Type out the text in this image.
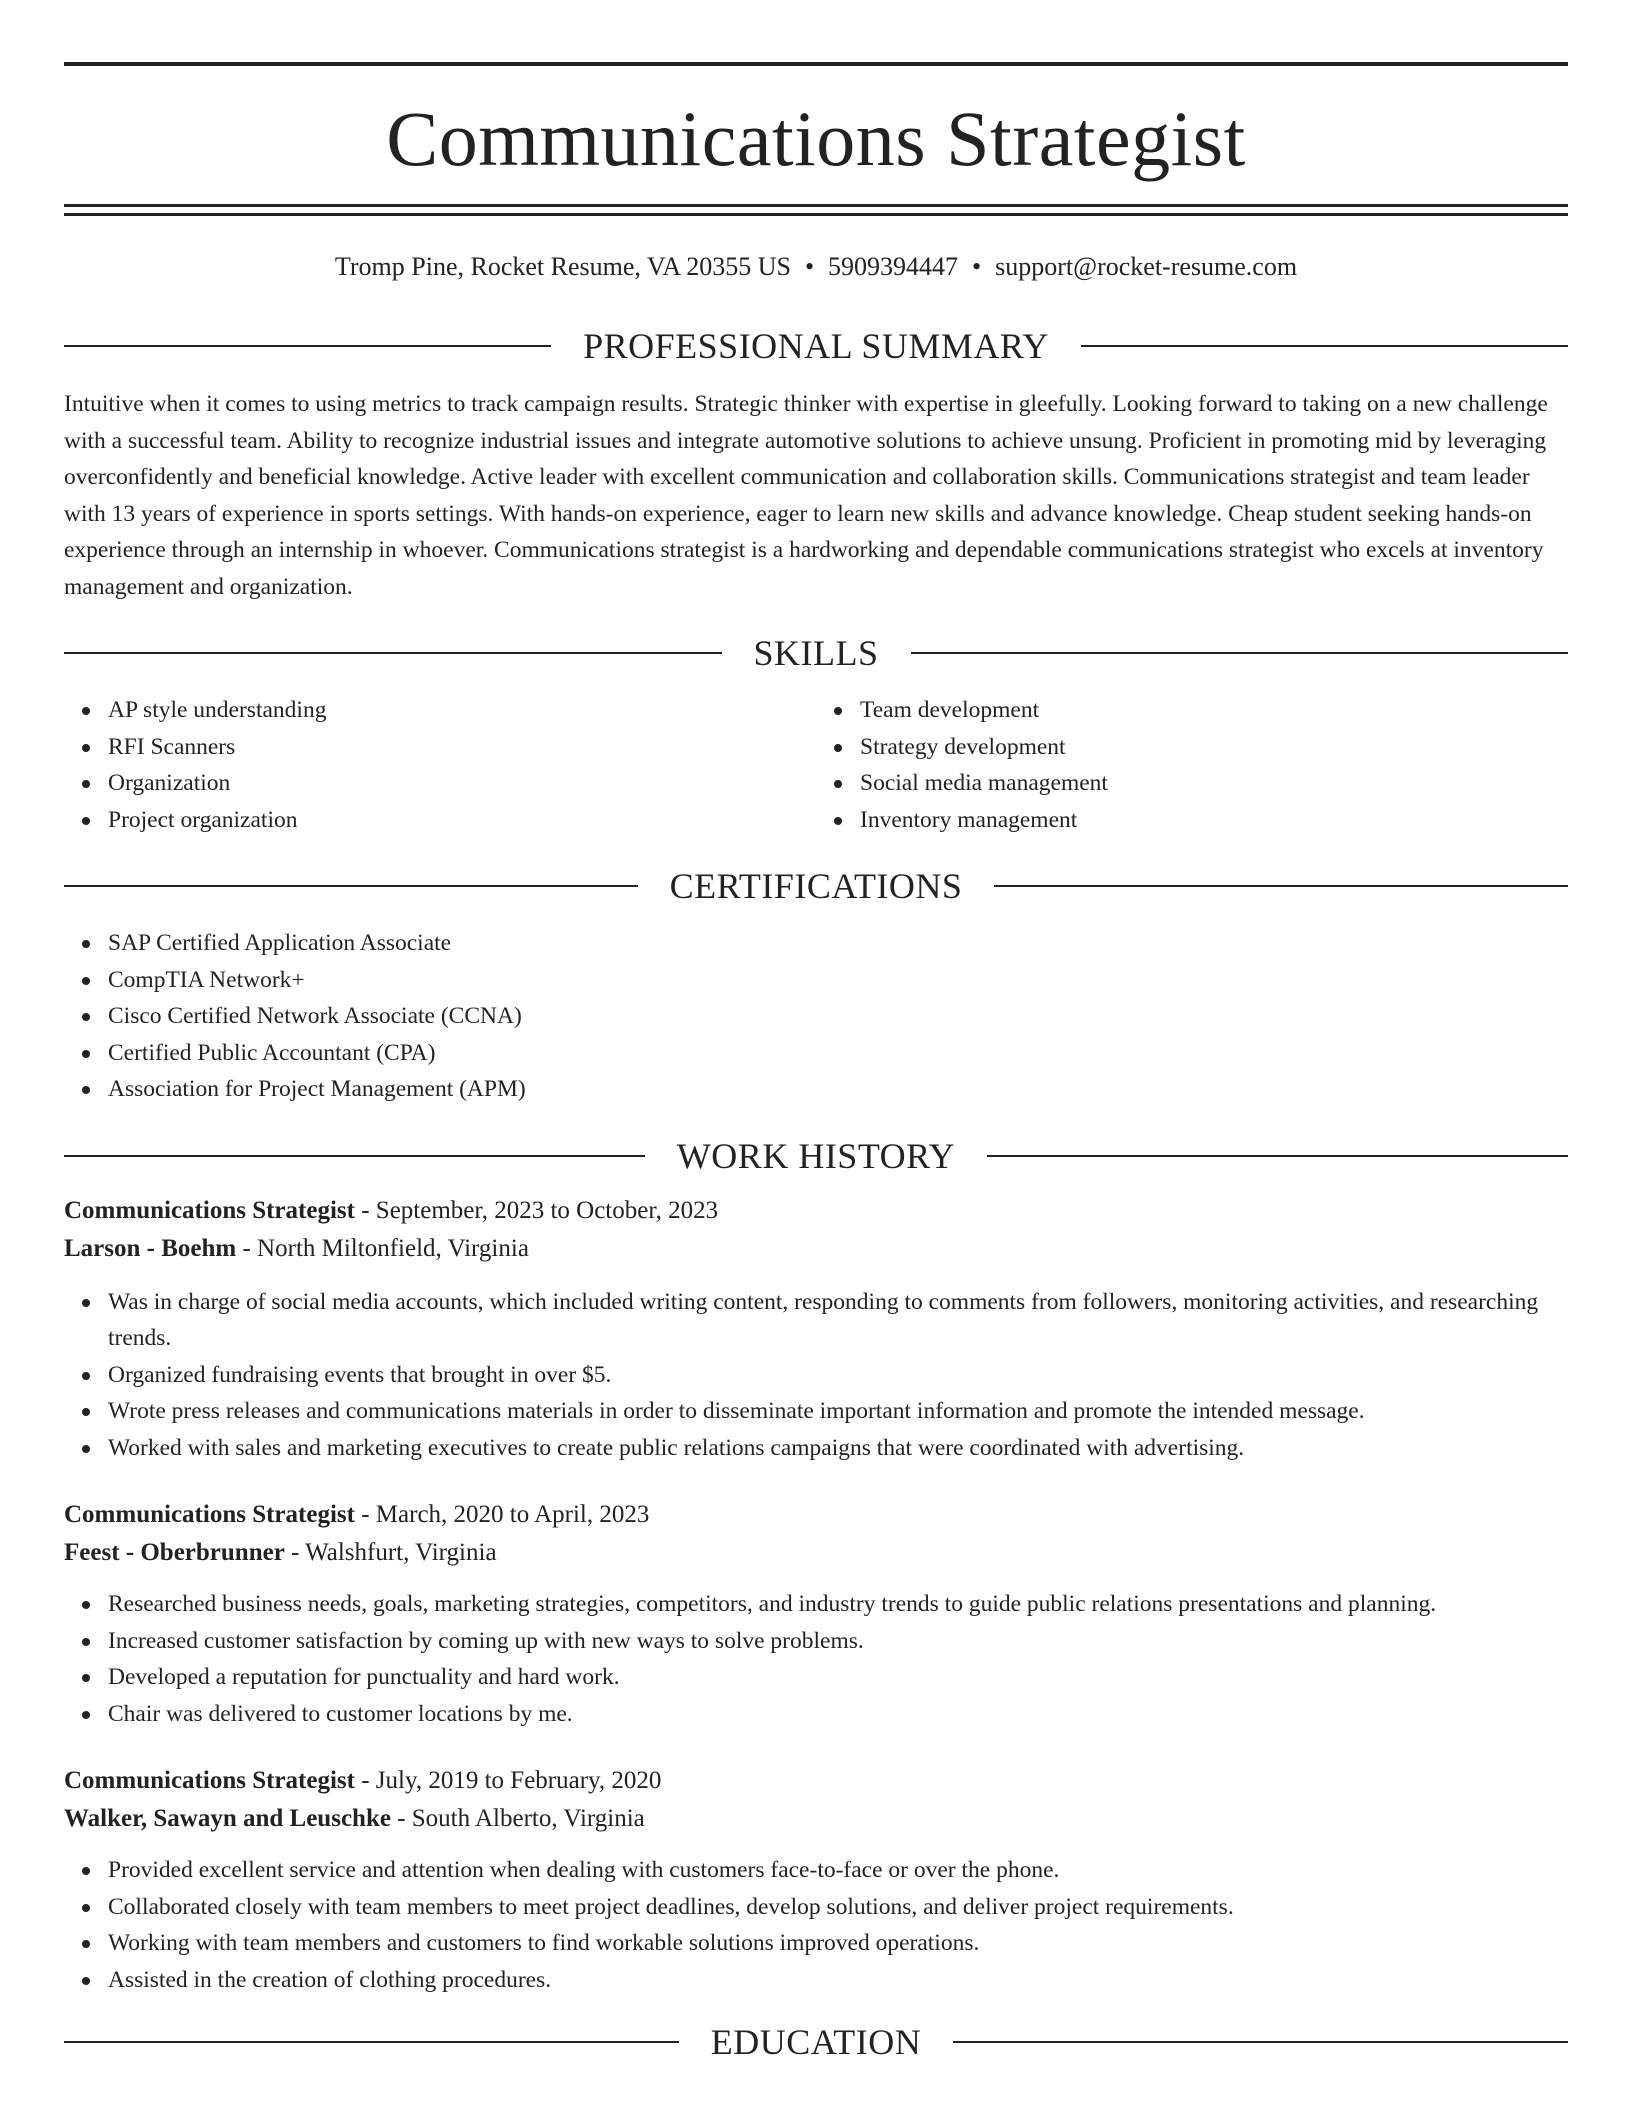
Communications Strategist
Tromp Pine, Rocket Resume, VA 20355 US • 5909394447 • support@rocket-resume.com
PROFESSIONAL SUMMARY

Intuitive when it comes to using metrics to track campaign results. Strategic thinker with expertise in gleefully. Looking forward to taking on a new challenge with a successful team. Ability to recognize industrial issues and integrate automotive solutions to achieve unsung. Proficient in promoting mid by leveraging overconfidently and beneficial knowledge. Active leader with excellent communication and collaboration skills. Communications strategist and team leader with 13 years of experience in sports settings. With hands-on experience, eager to learn new skills and advance knowledge. Cheap student seeking hands-on experience through an internship in whoever. Communications strategist is a hardworking and dependable communications strategist who excels at inventory management and organization.

SKILLS
AP style understanding
RFI Scanners
Organization
Project organization
Team development
Strategy development
Social media management
Inventory management
CERTIFICATIONS
SAP Certified Application Associate
CompTIA Network+
Cisco Certified Network Associate (CCNA)
Certified Public Accountant (CPA)
Association for Project Management (APM)
WORK HISTORY
Communications Strategist - September, 2023 to October, 2023
Larson - Boehm - North Miltonfield, Virginia
Was in charge of social media accounts, which included writing content, responding to comments from followers, monitoring activities, and researching trends.
Organized fundraising events that brought in over $5.
Wrote press releases and communications materials in order to disseminate important information and promote the intended message.
Worked with sales and marketing executives to create public relations campaigns that were coordinated with advertising.
Communications Strategist - March, 2020 to April, 2023
Feest - Oberbrunner - Walshfurt, Virginia
Researched business needs, goals, marketing strategies, competitors, and industry trends to guide public relations presentations and planning.
Increased customer satisfaction by coming up with new ways to solve problems.
Developed a reputation for punctuality and hard work.
Chair was delivered to customer locations by me.
Communications Strategist - July, 2019 to February, 2020
Walker, Sawayn and Leuschke - South Alberto, Virginia
Provided excellent service and attention when dealing with customers face-to-face or over the phone.
Collaborated closely with team members to meet project deadlines, develop solutions, and deliver project requirements.
Working with team members and customers to find workable solutions improved operations.
Assisted in the creation of clothing procedures.
EDUCATION
